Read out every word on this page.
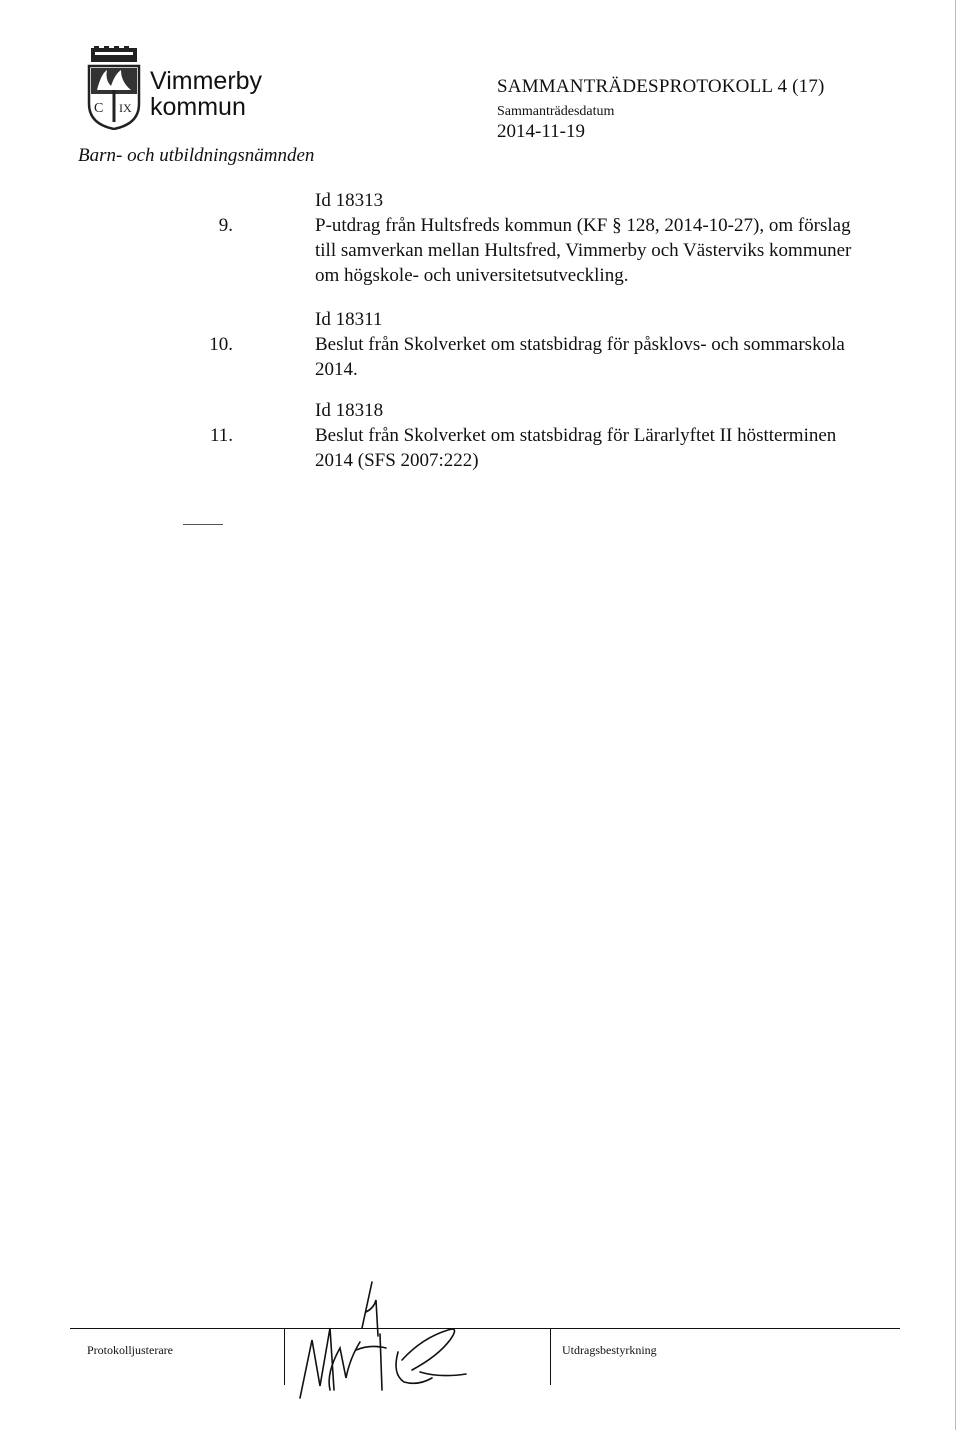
C IX
Vimmerby
kommun
Barn- och utbildningsnämnden
SAMMANTRÄDESPROTOKOLL 4 (17)
Sammanträdesdatum
2014-11-19
9.
Id 18313
P-utdrag från Hultsfreds kommun (KF § 128, 2014-10-27), om förslag till samverkan mellan Hultsfred, Vimmerby och Västerviks kommuner om högskole- och universitetsutveckling.
10.
Id 18311
Beslut från Skolverket om statsbidrag för påsklovs- och sommarskola 2014.
11.
Id 18318
Beslut från Skolverket om statsbidrag för Lärarlyftet II höstterminen 2014 (SFS 2007:222)
Protokolljusterare	Utdragsbestyrkning
